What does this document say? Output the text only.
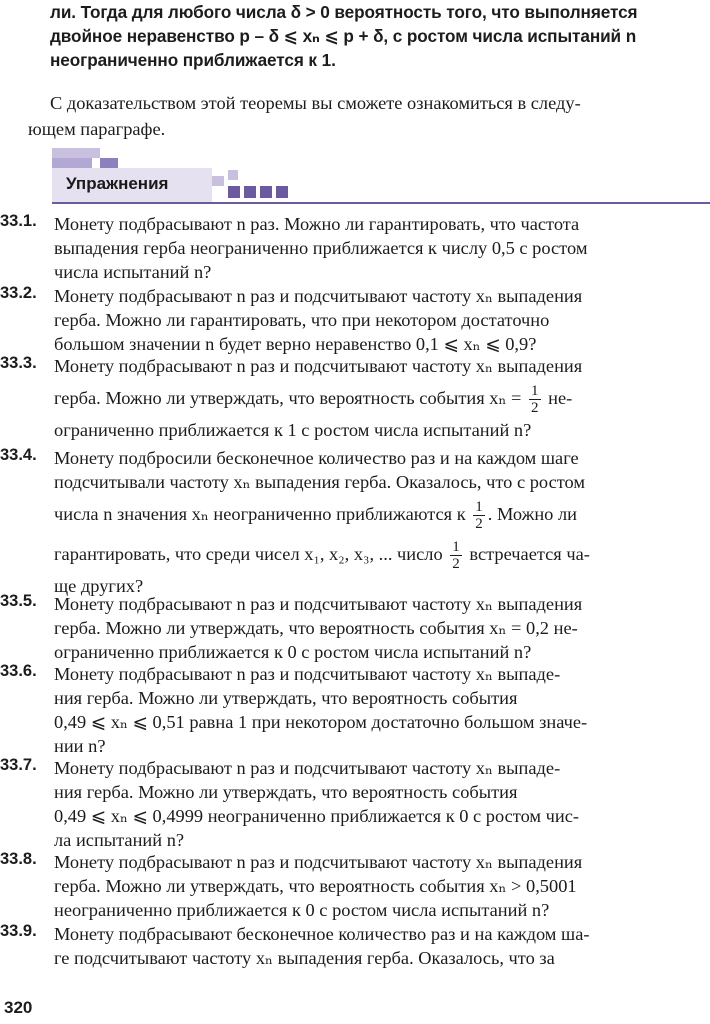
ли. Тогда для любого числа δ > 0 вероятность того, что выполняется
двойное неравенство p – δ ⩽ xₙ ⩽ p + δ, с ростом числа испытаний n
неограниченно приближается к 1.
С доказательством этой теоремы вы сможете ознакомиться в следу-
ющем параграфе.
Упражнения
33.1. Монету подбрасывают n раз. Можно ли гарантировать, что частота
выпадения герба неограниченно приближается к числу 0,5 с ростом
числа испытаний n?
33.2. Монету подбрасывают n раз и подсчитывают частоту xₙ выпадения
герба. Можно ли гарантировать, что при некотором достаточно
большом значении n будет верно неравенство 0,1 ⩽ xₙ ⩽ 0,9?
33.3. Монету подбрасывают n раз и подсчитывают частоту xₙ выпадения
герба. Можно ли утверждать, что вероятность события $x_n = \frac{1}{2} не-$
ограниченно приближается к 1 с ростом числа испытаний n?
33.4. Монету подбросили бесконечное количество раз и на каждом шаге
подсчитывали частоту xₙ выпадения герба. Оказалось, что с ростом
числа n значения xₙ неограниченно приближаются к $\frac{1}{2}$ . Можно ли
гарантировать, что среди чисел x₁, x₂, x₃, ... число $\frac{1}{2}$ встречается ча-
ще других?
33.5. Монету подбрасывают n раз и подсчитывают частоту xₙ выпадения
герба. Можно ли утверждать, что вероятность события xₙ = 0,2 не-
ограниченно приближается к 0 с ростом числа испытаний n?
33.6. Монету подбрасывают n раз и подсчитывают частоту xₙ выпаде-
ния герба. Можно ли утверждать, что вероятность события
0,49 ⩽ xₙ ⩽ 0,51 равна 1 при некотором достаточно большом значе-
нии n?
33.7. Монету подбрасывают n раз и подсчитывают частоту xₙ выпаде-
ния герба. Можно ли утверждать, что вероятность события
0,49 ⩽ xₙ ⩽ 0,4999 неограниченно приближается к 0 с ростом чис-
ла испытаний n?
33.8. Монету подбрасывают n раз и подсчитывают частоту xₙ выпадения
герба. Можно ли утверждать, что вероятность события xₙ > 0,5001
неограниченно приближается к 0 с ростом числа испытаний n?
33.9. Монету подбрасывают бесконечное количество раз и на каждом ша-
ге подсчитывают частоту xₙ выпадения герба. Оказалось, что за
320
